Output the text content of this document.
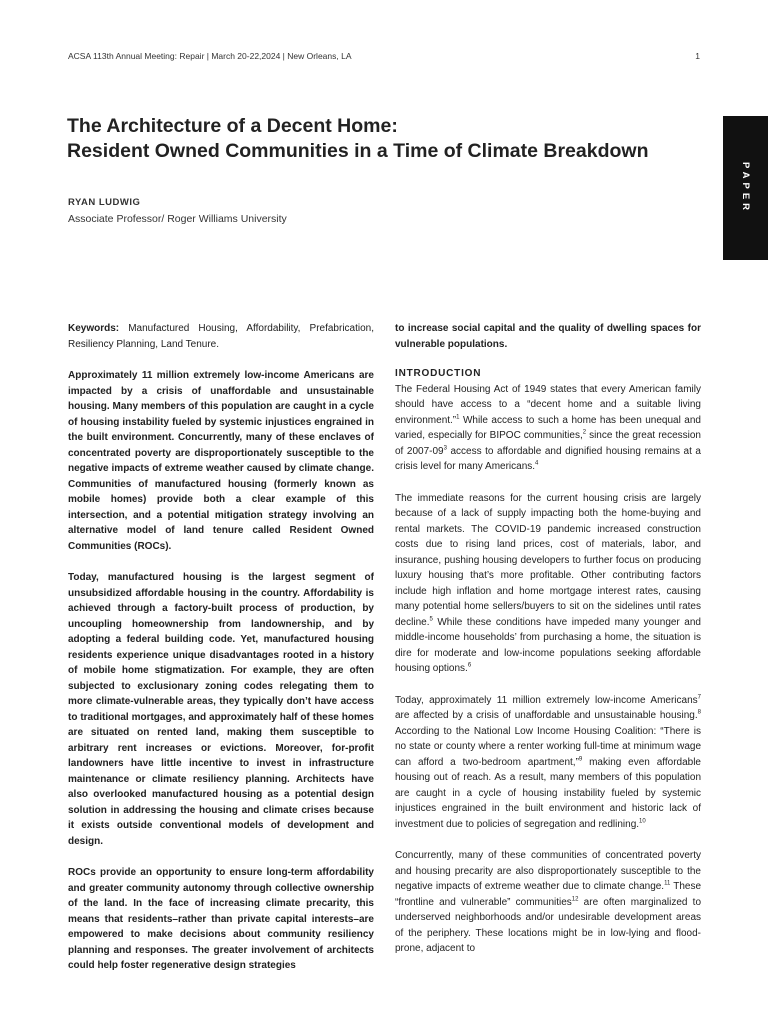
ACSA 113th Annual Meeting: Repair | March 20-22,2024 | New Orleans, LA	1
PAPER
The Architecture of a Decent Home:
Resident Owned Communities in a Time of Climate Breakdown
RYAN LUDWIG
Associate Professor/ Roger Williams University

Keywords: Manufactured Housing, Affordability, Prefabrication, Resiliency Planning, Land Tenure.

Approximately 11 million extremely low-income Americans are impacted by a crisis of unaffordable and unsustainable housing. Many members of this population are caught in a cycle of housing instability fueled by systemic injustices engrained in the built environment. Concurrently, many of these enclaves of concentrated poverty are disproportionately susceptible to the negative impacts of extreme weather caused by climate change. Communities of manufactured housing (formerly known as mobile homes) provide both a clear example of this intersection, and a potential mitigation strategy involving an alternative model of land tenure called Resident Owned Communities (ROCs).

Today, manufactured housing is the largest segment of unsubsidized affordable housing in the country. Affordability is achieved through a factory-built process of production, by uncoupling homeownership from landownership, and by adopting a federal building code. Yet, manufactured housing residents experience unique disadvantages rooted in a history of mobile home stigmatization. For example, they are often subjected to exclusionary zoning codes relegating them to more climate-vulnerable areas, they typically don’t have access to traditional mortgages, and approximately half of these homes are situated on rented land, making them susceptible to arbitrary rent increases or evictions. Moreover, for-profit landowners have little incentive to invest in infrastructure maintenance or climate resiliency planning. Architects have also overlooked manufactured housing as a potential design solution in addressing the housing and climate crises because it exists outside conventional models of development and design.

ROCs provide an opportunity to ensure long-term affordability and greater community autonomy through collective ownership of the land. In the face of increasing climate precarity, this means that residents–rather than private capital interests–are empowered to make decisions about community resiliency planning and responses. The greater involvement of architects could help foster regenerative design strategies

to increase social capital and the quality of dwelling spaces for vulnerable populations.

INTRODUCTION

The Federal Housing Act of 1949 states that every American family should have access to a “decent home and a suitable living environment.”$^1$ While access to such a home has been unequal and varied, especially for BIPOC communities,$^2$ since the great recession of $2007-09^3$ access to affordable and dignified housing remains at a crisis level for many Americans.$^4$

The immediate reasons for the current housing crisis are largely because of a lack of supply impacting both the home-buying and rental markets. The COVID-19 pandemic increased construction costs due to rising land prices, cost of materials, labor, and insurance, pushing housing developers to further focus on producing luxury housing that’s more profitable. Other contributing factors include high inflation and home mortgage interest rates, causing many potential home sellers/buyers to sit on the sidelines until rates decline.$^5$ While these conditions have impeded many younger and middle-income households’ from purchasing a home, the situation is dire for moderate and low-income populations seeking affordable housing options.$^6$

Today, approximately 11 million extremely low-income Americans$^7$ are affected by a crisis of unaffordable and unsustainable housing.$^8$ According to the National Low Income Housing Coalition: “There is no state or county where a renter working full-time at minimum wage can afford a two-bedroom apartment,”$^9$ making even affordable housing out of reach. As a result, many members of this population are caught in a cycle of housing instability fueled by systemic injustices engrained in the built environment and historic lack of investment due to policies of segregation and redlining.$^{10}$

Concurrently, many of these communities of concentrated poverty and housing precarity are also disproportionately susceptible to the negative impacts of extreme weather due to climate change.$^{11}$ These “frontline and vulnerable” communities$^{12}$ are often marginalized to underserved neighborhoods and/or undesirable development areas of the periphery. These locations might be in low-lying and flood-prone, adjacent to
